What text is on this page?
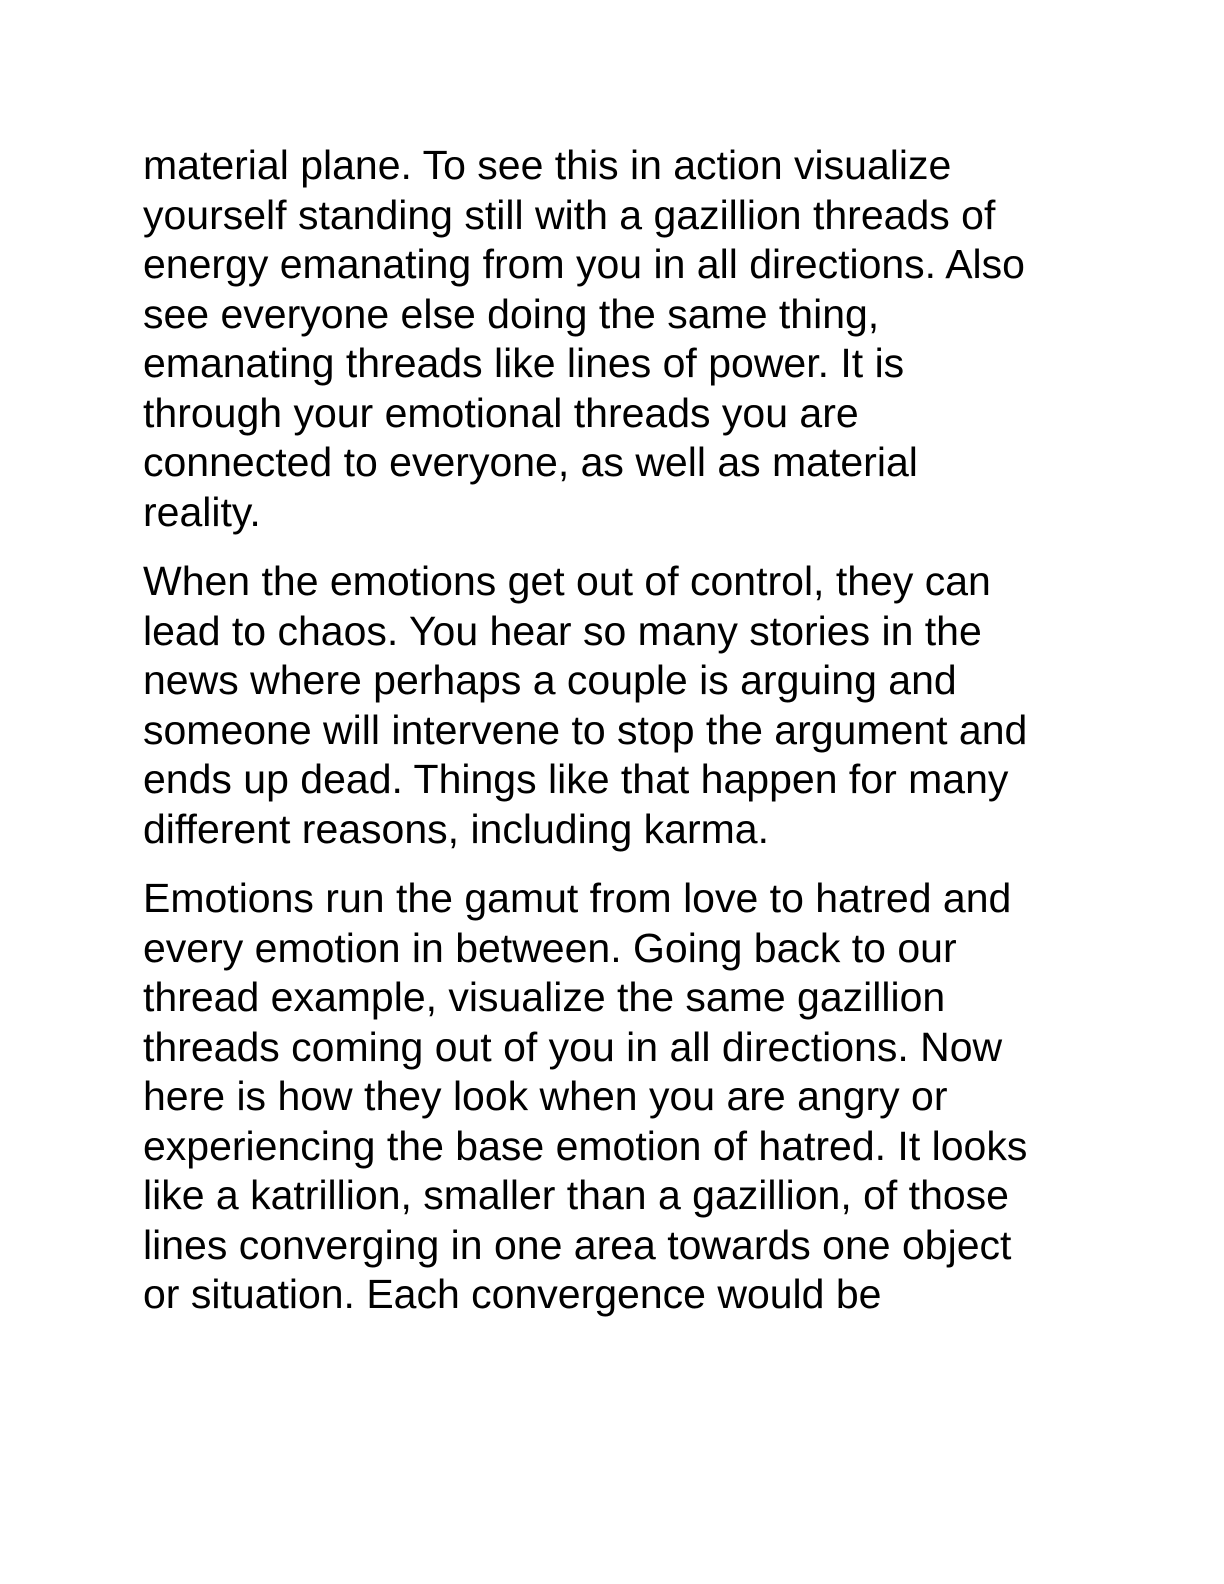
material plane. To see this in action visualize
yourself standing still with a gazillion threads of
energy emanating from you in all directions. Also
see everyone else doing the same thing,
emanating threads like lines of power. It is
through your emotional threads you are
connected to everyone, as well as material
reality.

When the emotions get out of control, they can
lead to chaos. You hear so many stories in the
news where perhaps a couple is arguing and
someone will intervene to stop the argument and
ends up dead. Things like that happen for many
different reasons, including karma.

Emotions run the gamut from love to hatred and
every emotion in between. Going back to our
thread example, visualize the same gazillion
threads coming out of you in all directions. Now
here is how they look when you are angry or
experiencing the base emotion of hatred. It looks
like a katrillion, smaller than a gazillion, of those
lines converging in one area towards one object
or situation. Each convergence would be
